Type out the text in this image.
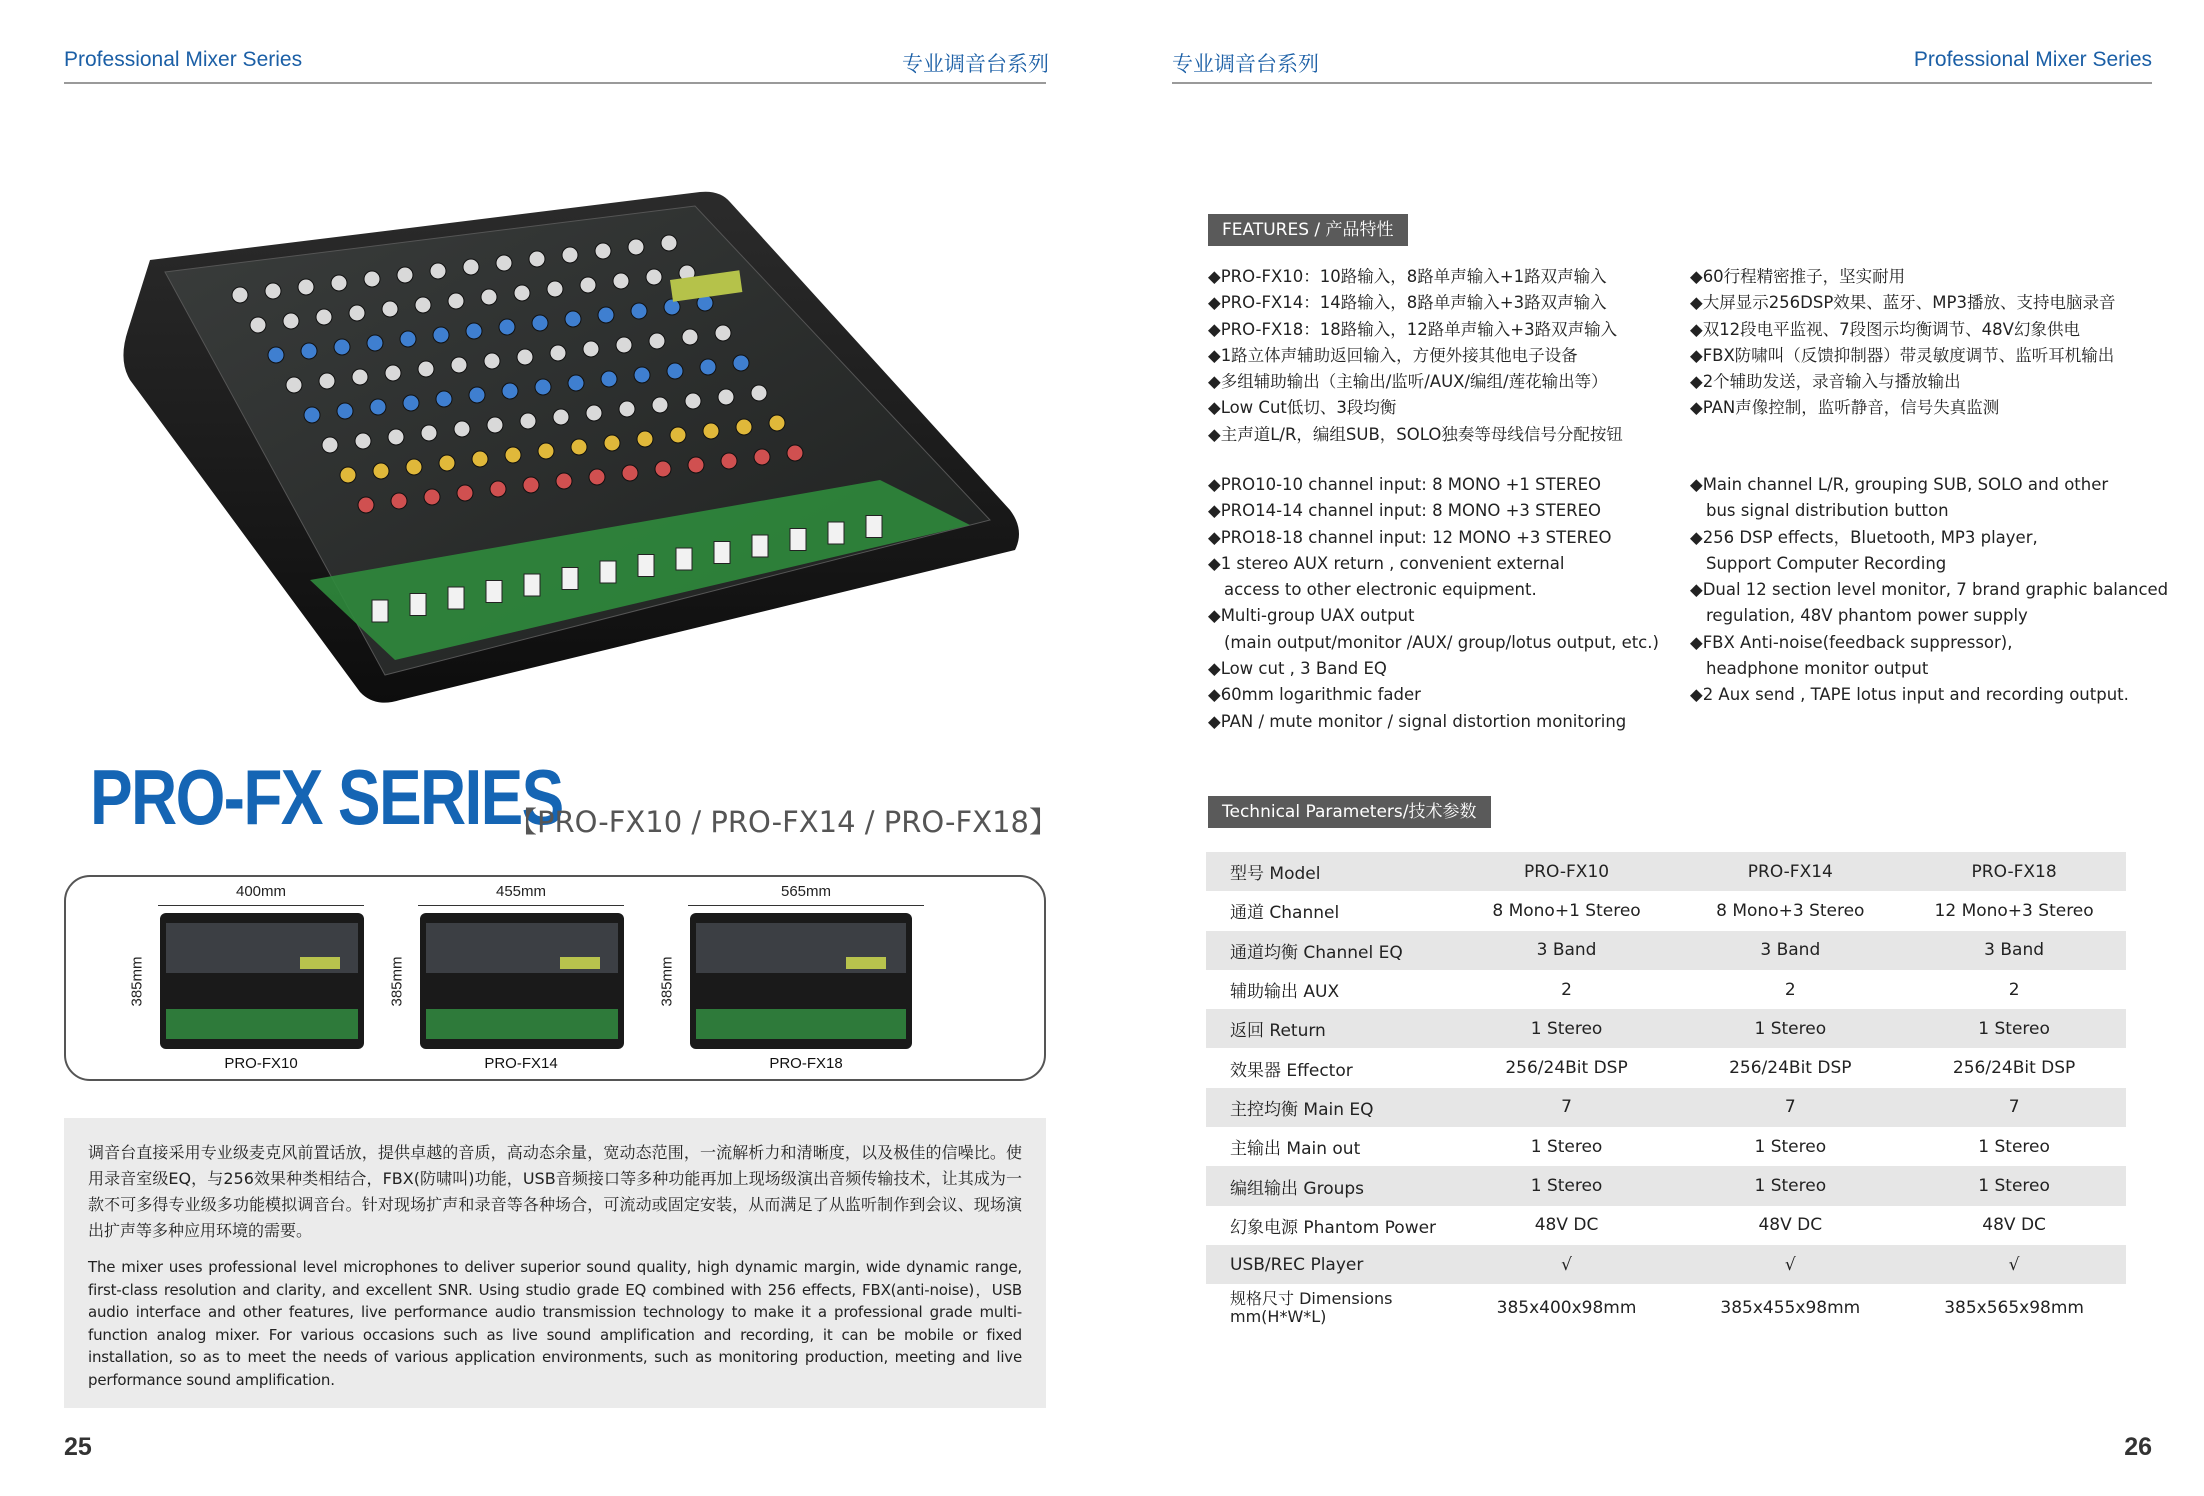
Professional Mixer Series	专业调音台系列
PRO-FX SERIES
【PRO-FX10 / PRO-FX14 / PRO-FX18】
400mm
385mm
PRO-FX10
455mm
385mm
PRO-FX14
565mm
385mm
PRO-FX18
调音台直接采用专业级麦克风前置话放，提供卓越的音质，高动态余量，宽动态范围，一流解析力和清晰度，以及极佳的信噪比。使用录音室级EQ，与256效果种类相结合，FBX(防啸叫)功能，USB音频接口等多种功能再加上现场级演出音频传输技术，让其成为一款不可多得专业级多功能模拟调音台。针对现场扩声和录音等各种场合，可流动或固定安装，从而满足了从监听制作到会议、现场演出扩声等多种应用环境的需要。
The mixer uses professional level microphones to deliver superior sound quality, high dynamic margin, wide dynamic range, first-class resolution and clarity, and excellent SNR. Using studio grade EQ combined with 256 effects, FBX(anti-noise)，USB audio interface and other features, live performance audio transmission technology to make it a professional grade multi-function analog mixer. For various occasions such as live sound amplification and recording, it can be mobile or fixed installation, so as to meet the needs of various application environments, such as monitoring production, meeting and live performance sound amplification.
25
专业调音台系列	Professional Mixer Series
FEATURES / 产品特性
◆PRO-FX10：10路输入，8路单声输入+1路双声输入
◆PRO-FX14：14路输入，8路单声输入+3路双声输入
◆PRO-FX18：18路输入，12路单声输入+3路双声输入
◆1路立体声辅助返回输入，方便外接其他电子设备
◆多组辅助输出（主输出/监听/AUX/编组/莲花输出等）
◆Low Cut低切、3段均衡
◆主声道L/R，编组SUB，SOLO独奏等母线信号分配按钮
◆60行程精密推子，坚实耐用
◆大屏显示256DSP效果、蓝牙、MP3播放、支持电脑录音
◆双12段电平监视、7段图示均衡调节、48V幻象供电
◆FBX防啸叫（反馈抑制器）带灵敏度调节、监听耳机输出
◆2个辅助发送，录音输入与播放输出
◆PAN声像控制，监听静音，信号失真监测
◆PRO10-10 channel input: 8 MONO +1 STEREO
◆PRO14-14 channel input: 8 MONO +3 STEREO
◆PRO18-18 channel input: 12 MONO +3 STEREO
◆1 stereo AUX return , convenient external
access to other electronic equipment.
◆Multi-group UAX output
(main output/monitor /AUX/ group/lotus output, etc.)
◆Low cut , 3 Band EQ
◆60mm logarithmic fader
◆PAN / mute monitor / signal distortion monitoring
◆Main channel L/R, grouping SUB, SOLO and other
bus signal distribution button
◆256 DSP effects，Bluetooth, MP3 player,
Support Computer Recording
◆Dual 12 section level monitor, 7 brand graphic balanced
regulation, 48V phantom power supply
◆FBX Anti-noise(feedback suppressor),
headphone monitor output
◆2 Aux send , TAPE lotus input and recording output.
Technical Parameters/技术参数
型号 Model	PRO-FX10	PRO-FX14	PRO-FX18
通道 Channel	8 Mono+1 Stereo	8 Mono+3 Stereo	12 Mono+3 Stereo
通道均衡 Channel EQ	3 Band	3 Band	3 Band
辅助输出 AUX	2	2	2
返回 Return	1 Stereo	1 Stereo	1 Stereo
效果器 Effector	256/24Bit DSP	256/24Bit DSP	256/24Bit DSP
主控均衡 Main EQ	7	7	7
主输出 Main out	1 Stereo	1 Stereo	1 Stereo
编组输出 Groups	1 Stereo	1 Stereo	1 Stereo
幻象电源 Phantom Power	48V DC	48V DC	48V DC
USB/REC Player	√	√	√
规格尺寸 Dimensions mm(H*W*L)	385x400x98mm	385x455x98mm	385x565x98mm
26
